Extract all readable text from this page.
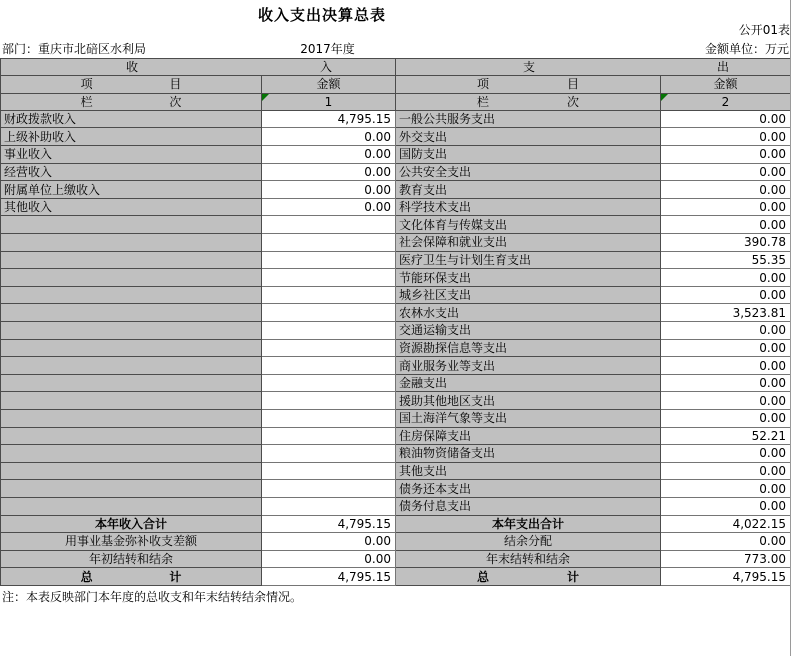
收入支出决算总表
公开01表
部门：重庆市北碚区水利局	2017年度	金额单位：万元
收 入		支 出	

项 目	金额	项 目	金额

栏 次	1	栏 次	2
财政拨款收入	4,795.15	一般公共服务支出	0.00
上级补助收入	0.00	外交支出	0.00
事业收入	0.00	国防支出	0.00
经营收入	0.00	公共安全支出	0.00
附属单位上缴收入	0.00	教育支出	0.00
其他收入	0.00	科学技术支出	0.00
		文化体育与传媒支出	0.00
		社会保障和就业支出	390.78
		医疗卫生与计划生育支出	55.35
		节能环保支出	0.00
		城乡社区支出	0.00
		农林水支出	3,523.81
		交通运输支出	0.00
		资源勘探信息等支出	0.00
		商业服务业等支出	0.00
		金融支出	0.00
		援助其他地区支出	0.00
		国土海洋气象等支出	0.00
		住房保障支出	52.21
		粮油物资储备支出	0.00
		其他支出	0.00
		债务还本支出	0.00
		债务付息支出	0.00
本年收入合计	4,795.15	本年支出合计	4,022.15
用事业基金弥补收支差额	0.00	结余分配	0.00
年初结转和结余	0.00	年末结转和结余	773.00

总 计	4,795.15	总 计	4,795.15
注：本表反映部门本年度的总收支和年末结转结余情况。
